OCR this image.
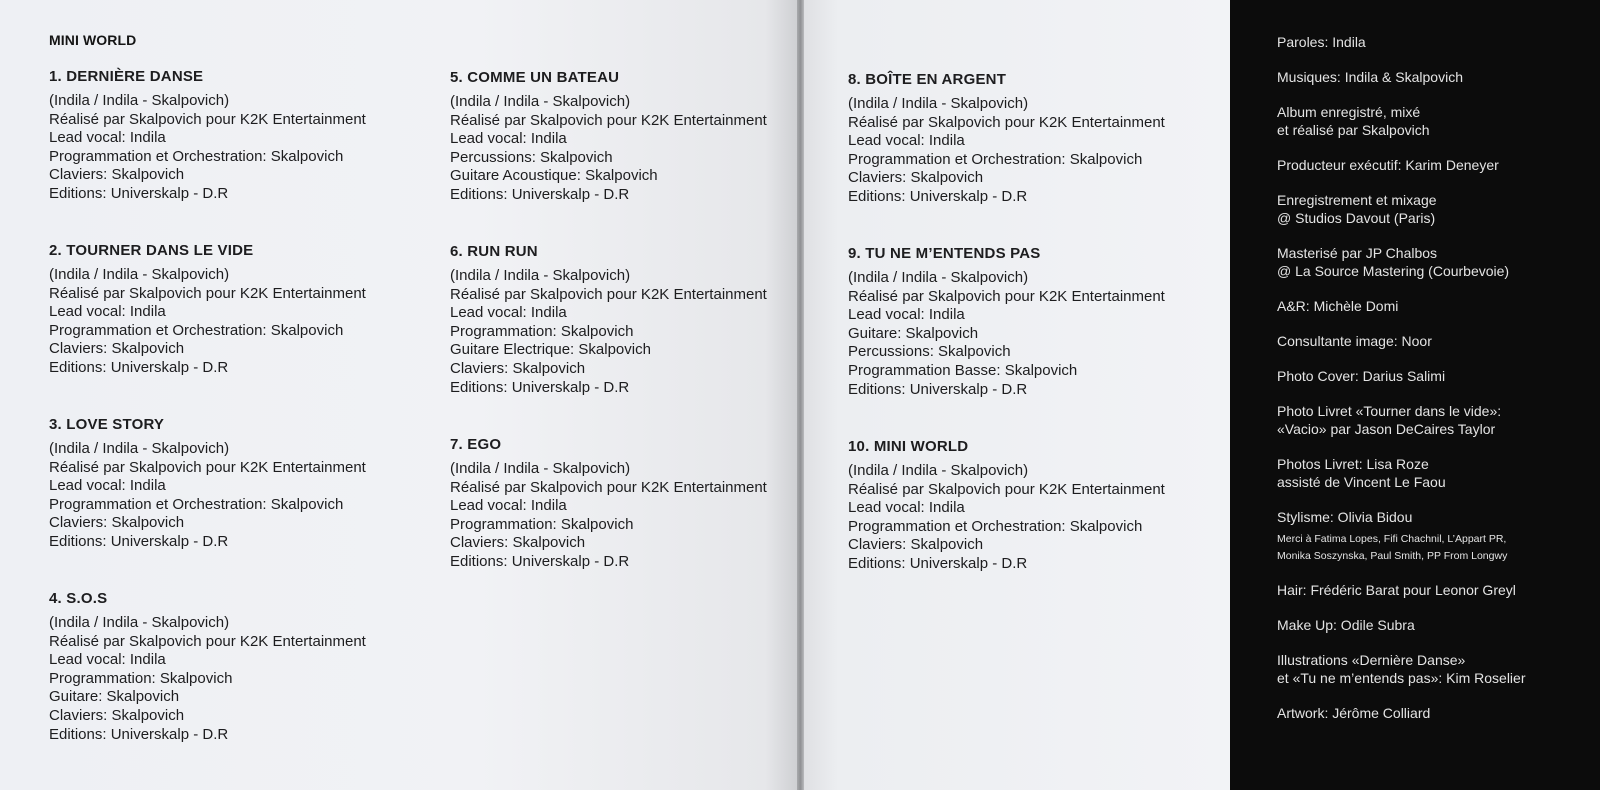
MINI WORLD
1. DERNIÈRE DANSE
(Indila / Indila - Skalpovich)
Réalisé par Skalpovich pour K2K Entertainment
Lead vocal: Indila
Programmation et Orchestration: Skalpovich
Claviers: Skalpovich
Editions: Universkalp - D.R
2. TOURNER DANS LE VIDE
(Indila / Indila - Skalpovich)
Réalisé par Skalpovich pour K2K Entertainment
Lead vocal: Indila
Programmation et Orchestration: Skalpovich
Claviers: Skalpovich
Editions: Universkalp - D.R
3. LOVE STORY
(Indila / Indila - Skalpovich)
Réalisé par Skalpovich pour K2K Entertainment
Lead vocal: Indila
Programmation et Orchestration: Skalpovich
Claviers: Skalpovich
Editions: Universkalp - D.R
4. S.O.S
(Indila / Indila - Skalpovich)
Réalisé par Skalpovich pour K2K Entertainment
Lead vocal: Indila
Programmation: Skalpovich
Guitare: Skalpovich
Claviers: Skalpovich
Editions: Universkalp - D.R
5. COMME UN BATEAU
(Indila / Indila - Skalpovich)
Réalisé par Skalpovich pour K2K Entertainment
Lead vocal: Indila
Percussions: Skalpovich
Guitare Acoustique: Skalpovich
Editions: Universkalp - D.R
6. RUN RUN
(Indila / Indila - Skalpovich)
Réalisé par Skalpovich pour K2K Entertainment
Lead vocal: Indila
Programmation: Skalpovich
Guitare Electrique: Skalpovich
Claviers: Skalpovich
Editions: Universkalp - D.R
7. EGO
(Indila / Indila - Skalpovich)
Réalisé par Skalpovich pour K2K Entertainment
Lead vocal: Indila
Programmation: Skalpovich
Claviers: Skalpovich
Editions: Universkalp - D.R
8. BOÎTE EN ARGENT
(Indila / Indila - Skalpovich)
Réalisé par Skalpovich pour K2K Entertainment
Lead vocal: Indila
Programmation et Orchestration: Skalpovich
Claviers: Skalpovich
Editions: Universkalp - D.R
9. TU NE M’ENTENDS PAS
(Indila / Indila - Skalpovich)
Réalisé par Skalpovich pour K2K Entertainment
Lead vocal: Indila
Guitare: Skalpovich
Percussions: Skalpovich
Programmation Basse: Skalpovich
Editions: Universkalp - D.R
10. MINI WORLD
(Indila / Indila - Skalpovich)
Réalisé par Skalpovich pour K2K Entertainment
Lead vocal: Indila
Programmation et Orchestration: Skalpovich
Claviers: Skalpovich
Editions: Universkalp - D.R
Paroles: Indila
Musiques: Indila & Skalpovich
Album enregistré, mixé
et réalisé par Skalpovich
Producteur exécutif: Karim Deneyer
Enregistrement et mixage
@ Studios Davout (Paris)
Masterisé par JP Chalbos
@ La Source Mastering (Courbevoie)
A&R: Michèle Domi
Consultante image: Noor
Photo Cover: Darius Salimi
Photo Livret «Tourner dans le vide»:
«Vacio» par Jason DeCaires Taylor
Photos Livret: Lisa Roze
assisté de Vincent Le Faou
Stylisme: Olivia Bidou
Merci à Fatima Lopes, Fifi Chachnil, L’Appart PR,
Monika Soszynska, Paul Smith, PP From Longwy
Hair: Frédéric Barat pour Leonor Greyl
Make Up: Odile Subra
Illustrations «Dernière Danse»
et «Tu ne m’entends pas»: Kim Roselier
Artwork: Jérôme Colliard
